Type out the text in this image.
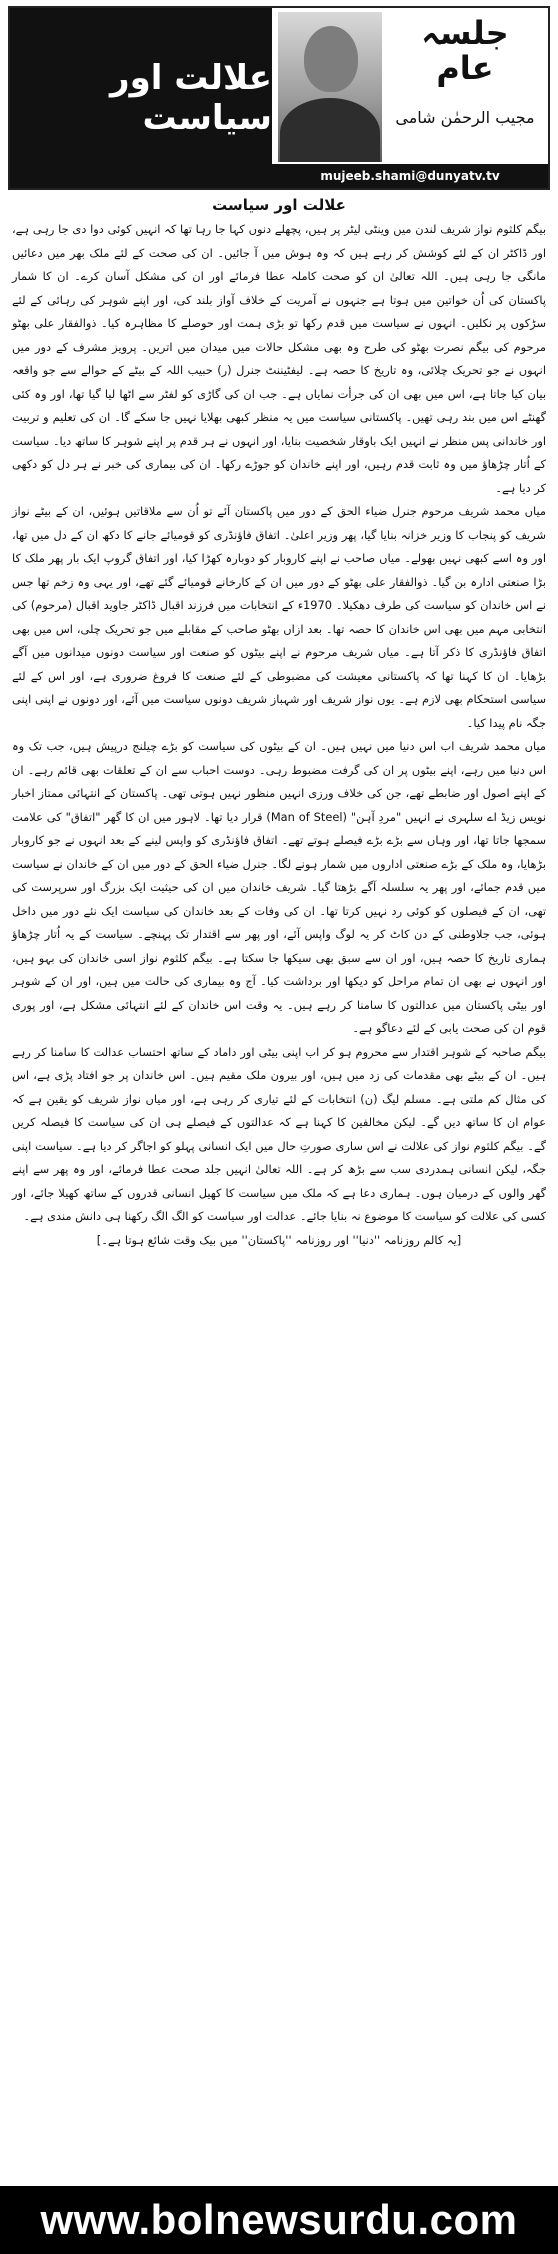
علالت اور سیاست
جلسہ عام
مجیب الرحمٰن شامی
mujeeb.shami@dunyatv.tv
علالت اور سیاست

بیگم کلثوم نواز شریف لندن میں وینٹی لیٹر پر ہیں، پچھلے دنوں کہا جا رہا تھا کہ انہیں کوئی دوا دی جا رہی ہے، اور ڈاکٹر ان کے لئے کوشش کر رہے ہیں کہ وہ ہوش میں آ جائیں۔ ان کی صحت کے لئے ملک بھر میں دعائیں مانگی جا رہی ہیں۔ اللہ تعالیٰ ان کو صحت کاملہ عطا فرمائے اور ان کی مشکل آسان کرے۔ ان کا شمار پاکستان کی اُن خواتین میں ہوتا ہے جنہوں نے آمریت کے خلاف آواز بلند کی، اور اپنے شوہر کی رہائی کے لئے سڑکوں پر نکلیں۔ انہوں نے سیاست میں قدم رکھا تو بڑی ہمت اور حوصلے کا مظاہرہ کیا۔ ذوالفقار علی بھٹو مرحوم کی بیگم نصرت بھٹو کی طرح وہ بھی مشکل حالات میں میدان میں اتریں۔ پرویز مشرف کے دور میں انہوں نے جو تحریک چلائی، وہ تاریخ کا حصہ ہے۔ لیفٹیننٹ جنرل (ر) حبیب اللہ کے بیٹے کے حوالے سے جو واقعہ بیان کیا جاتا ہے، اس میں بھی ان کی جرأت نمایاں ہے۔ جب ان کی گاڑی کو لفٹر سے اٹھا لیا گیا تھا، اور وہ کئی گھنٹے اس میں بند رہی تھیں۔ پاکستانی سیاست میں یہ منظر کبھی بھلایا نہیں جا سکے گا۔ ان کی تعلیم و تربیت اور خاندانی پس منظر نے انہیں ایک باوقار شخصیت بنایا، اور انہوں نے ہر قدم پر اپنے شوہر کا ساتھ دیا۔ سیاست کے اُتار چڑھاؤ میں وہ ثابت قدم رہیں، اور اپنے خاندان کو جوڑے رکھا۔ ان کی بیماری کی خبر نے ہر دل کو دکھی کر دیا ہے۔

میاں محمد شریف مرحوم جنرل ضیاء الحق کے دور میں پاکستان آئے تو اُن سے ملاقاتیں ہوئیں، ان کے بیٹے نواز شریف کو پنجاب کا وزیر خزانہ بنایا گیا، پھر وزیر اعلیٰ۔ اتفاق فاؤنڈری کو قومیائے جانے کا دکھ ان کے دل میں تھا، اور وہ اسے کبھی نہیں بھولے۔ میاں صاحب نے اپنے کاروبار کو دوبارہ کھڑا کیا، اور اتفاق گروپ ایک بار پھر ملک کا بڑا صنعتی ادارہ بن گیا۔ ذوالفقار علی بھٹو کے دور میں ان کے کارخانے قومیائے گئے تھے، اور یہی وہ زخم تھا جس نے اس خاندان کو سیاست کی طرف دھکیلا۔ 1970ء کے انتخابات میں فرزند اقبال ڈاکٹر جاوید اقبال (مرحوم) کی انتخابی مہم میں بھی اس خاندان کا حصہ تھا۔ بعد ازاں بھٹو صاحب کے مقابلے میں جو تحریک چلی، اس میں بھی اتفاق فاؤنڈری کا ذکر آتا ہے۔ میاں شریف مرحوم نے اپنے بیٹوں کو صنعت اور سیاست دونوں میدانوں میں آگے بڑھایا۔ ان کا کہنا تھا کہ پاکستانی معیشت کی مضبوطی کے لئے صنعت کا فروغ ضروری ہے، اور اس کے لئے سیاسی استحکام بھی لازم ہے۔ یوں نواز شریف اور شہباز شریف دونوں سیاست میں آئے، اور دونوں نے اپنی اپنی جگہ نام پیدا کیا۔

میاں محمد شریف اب اس دنیا میں نہیں ہیں۔ ان کے بیٹوں کی سیاست کو بڑے چیلنج درپیش ہیں، جب تک وہ اس دنیا میں رہے، اپنے بیٹوں پر ان کی گرفت مضبوط رہی۔ دوست احباب سے ان کے تعلقات بھی قائم رہے۔ ان کے اپنے اصول اور ضابطے تھے، جن کی خلاف ورزی انہیں منظور نہیں ہوتی تھی۔ پاکستان کے انتہائی ممتاز اخبار نویس زیڈ اے سلہری نے انہیں "مردِ آہن" (Man of Steel) قرار دیا تھا۔ لاہور میں ان کا گھر "اتفاق" کی علامت سمجھا جاتا تھا، اور وہاں سے بڑے بڑے فیصلے ہوتے تھے۔ اتفاق فاؤنڈری کو واپس لینے کے بعد انہوں نے جو کاروبار بڑھایا، وہ ملک کے بڑے صنعتی اداروں میں شمار ہونے لگا۔ جنرل ضیاء الحق کے دور میں ان کے خاندان نے سیاست میں قدم جمائے، اور پھر یہ سلسلہ آگے بڑھتا گیا۔ شریف خاندان میں ان کی حیثیت ایک بزرگ اور سرپرست کی تھی، ان کے فیصلوں کو کوئی رد نہیں کرتا تھا۔ ان کی وفات کے بعد خاندان کی سیاست ایک نئے دور میں داخل ہوئی، جب جلاوطنی کے دن کاٹ کر یہ لوگ واپس آئے، اور پھر سے اقتدار تک پہنچے۔ سیاست کے یہ اُتار چڑھاؤ ہماری تاریخ کا حصہ ہیں، اور ان سے سبق بھی سیکھا جا سکتا ہے۔ بیگم کلثوم نواز اسی خاندان کی بہو ہیں، اور انہوں نے بھی ان تمام مراحل کو دیکھا اور برداشت کیا۔ آج وہ بیماری کی حالت میں ہیں، اور ان کے شوہر اور بیٹی پاکستان میں عدالتوں کا سامنا کر رہے ہیں۔ یہ وقت اس خاندان کے لئے انتہائی مشکل ہے، اور پوری قوم ان کی صحت یابی کے لئے دعاگو ہے۔

بیگم صاحبہ کے شوہر اقتدار سے محروم ہو کر اب اپنی بیٹی اور داماد کے ساتھ احتساب عدالت کا سامنا کر رہے ہیں۔ ان کے بیٹے بھی مقدمات کی زد میں ہیں، اور بیرون ملک مقیم ہیں۔ اس خاندان پر جو افتاد پڑی ہے، اس کی مثال کم ملتی ہے۔ مسلم لیگ (ن) انتخابات کے لئے تیاری کر رہی ہے، اور میاں نواز شریف کو یقین ہے کہ عوام ان کا ساتھ دیں گے۔ لیکن مخالفین کا کہنا ہے کہ عدالتوں کے فیصلے ہی ان کی سیاست کا فیصلہ کریں گے۔ بیگم کلثوم نواز کی علالت نے اس ساری صورتِ حال میں ایک انسانی پہلو کو اجاگر کر دیا ہے۔ سیاست اپنی جگہ، لیکن انسانی ہمدردی سب سے بڑھ کر ہے۔ اللہ تعالیٰ انہیں جلد صحت عطا فرمائے، اور وہ پھر سے اپنے گھر والوں کے درمیان ہوں۔ ہماری دعا ہے کہ ملک میں سیاست کا کھیل انسانی قدروں کے ساتھ کھیلا جائے، اور کسی کی علالت کو سیاست کا موضوع نہ بنایا جائے۔ عدالت اور سیاست کو الگ الگ رکھنا ہی دانش مندی ہے۔

[یہ کالم روزنامہ ''دنیا'' اور روزنامہ ''پاکستان'' میں بیک وقت شائع ہوتا ہے۔]

www.bolnewsurdu.com
